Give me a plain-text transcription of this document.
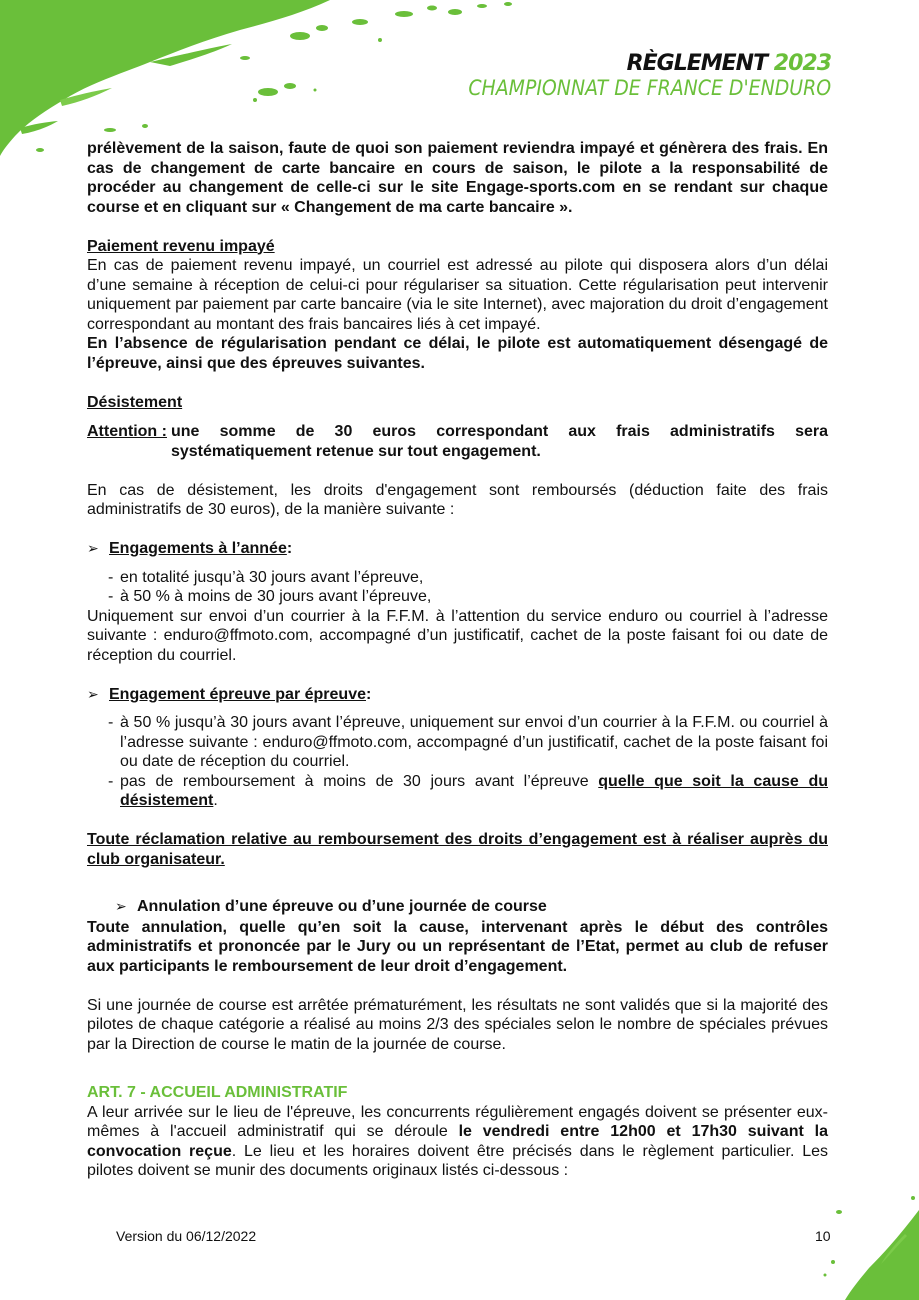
RÈGLEMENT 2023
CHAMPIONNAT DE FRANCE D'ENDURO

prélèvement de la saison, faute de quoi son paiement reviendra impayé et génèrera des frais. En cas de changement de carte bancaire en cours de saison, le pilote a la responsabilité de procéder au changement de celle-ci sur le site Engage-sports.com en se rendant sur chaque course et en cliquant sur « Changement de ma carte bancaire ».

Paiement revenu impayé

En cas de paiement revenu impayé, un courriel est adressé au pilote qui disposera alors d’un délai d’une semaine à réception de celui-ci pour régulariser sa situation. Cette régularisation peut intervenir uniquement par paiement par carte bancaire (via le site Internet), avec majoration du droit d’engagement correspondant au montant des frais bancaires liés à cet impayé.

En l’absence de régularisation pendant ce délai, le pilote est automatiquement désengagé de l’épreuve, ainsi que des épreuves suivantes.

Désistement

Attention : une somme de 30 euros correspondant aux frais administratifs sera systématiquement retenue sur tout engagement.

En cas de désistement, les droits d'engagement sont remboursés (déduction faite des frais administratifs de 30 euros), de la manière suivante :

➢ Engagements à l’année :
- en totalité jusqu’à 30 jours avant l’épreuve,
- à 50 % à moins de 30 jours avant l’épreuve,

Uniquement sur envoi d’un courrier à la F.F.M. à l’attention du service enduro ou courriel à l’adresse suivante : enduro@ffmoto.com, accompagné d’un justificatif, cachet de la poste faisant foi ou date de réception du courriel.

➢ Engagement épreuve par épreuve :
- à 50 % jusqu’à 30 jours avant l’épreuve, uniquement sur envoi d’un courrier à la F.F.M. ou courriel à l’adresse suivante : enduro@ffmoto.com, accompagné d’un justificatif, cachet de la poste faisant foi ou date de réception du courriel.
- pas de remboursement à moins de 30 jours avant l’épreuve quelle que soit la cause du désistement.

Toute réclamation relative au remboursement des droits d’engagement est à réaliser auprès du club organisateur.

➢ Annulation d’une épreuve ou d’une journée de course

Toute annulation, quelle qu’en soit la cause, intervenant après le début des contrôles administratifs et prononcée par le Jury ou un représentant de l’Etat, permet au club de refuser aux participants le remboursement de leur droit d’engagement.

Si une journée de course est arrêtée prématurément, les résultats ne sont validés que si la majorité des pilotes de chaque catégorie a réalisé au moins 2/3 des spéciales selon le nombre de spéciales prévues par la Direction de course le matin de la journée de course.

ART. 7 - ACCUEIL ADMINISTRATIF

A leur arrivée sur le lieu de l'épreuve, les concurrents régulièrement engagés doivent se présenter eux-mêmes à l'accueil administratif qui se déroule le vendredi entre 12h00 et 17h30 suivant la convocation reçue. Le lieu et les horaires doivent être précisés dans le règlement particulier. Les pilotes doivent se munir des documents originaux listés ci-dessous :

Version du 06/12/2022	10
